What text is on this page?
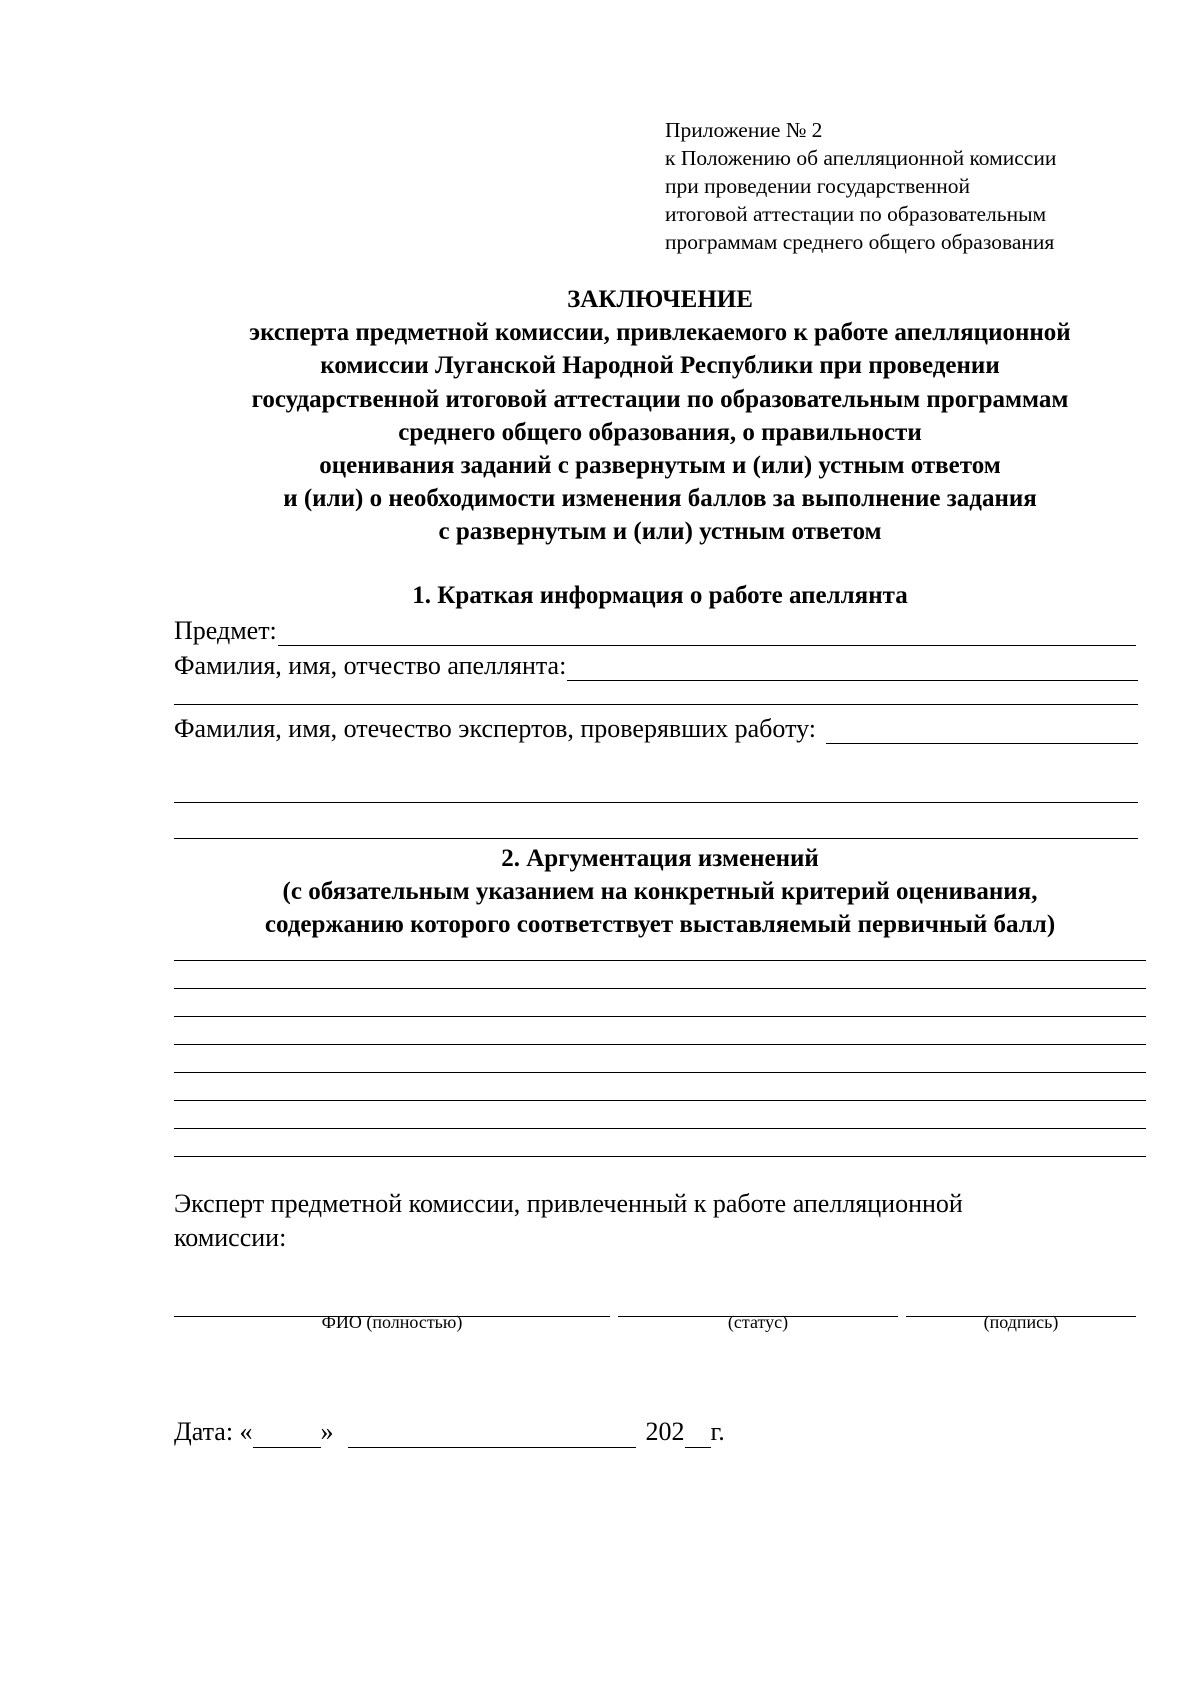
Приложение № 2
к Положению об апелляционной комиссии
при проведении государственной
итоговой аттестации по образовательным
программам среднего общего образования
ЗАКЛЮЧЕНИЕ
эксперта предметной комиссии, привлекаемого к работе апелляционной
комиссии Луганской Народной Республики при проведении
государственной итоговой аттестации по образовательным программам
среднего общего образования, о правильности
оценивания заданий с развернутым и (или) устным ответом
и (или) о необходимости изменения баллов за выполнение задания
с развернутым и (или) устным ответом
1. Краткая информация о работе апеллянта
Предмет:
Фамилия, имя, отчество апеллянта:
Фамилия, имя, отечество экспертов, проверявших работу:
2. Аргументация изменений
(с обязательным указанием на конкретный критерий оценивания,
содержанию которого соответствует выставляемый первичный балл)
Эксперт предметной комиссии, привлеченный к работе апелляционной комиссии:
ФИО (полностью)	(статус)	(подпись)
Дата: «	»	202 г.
